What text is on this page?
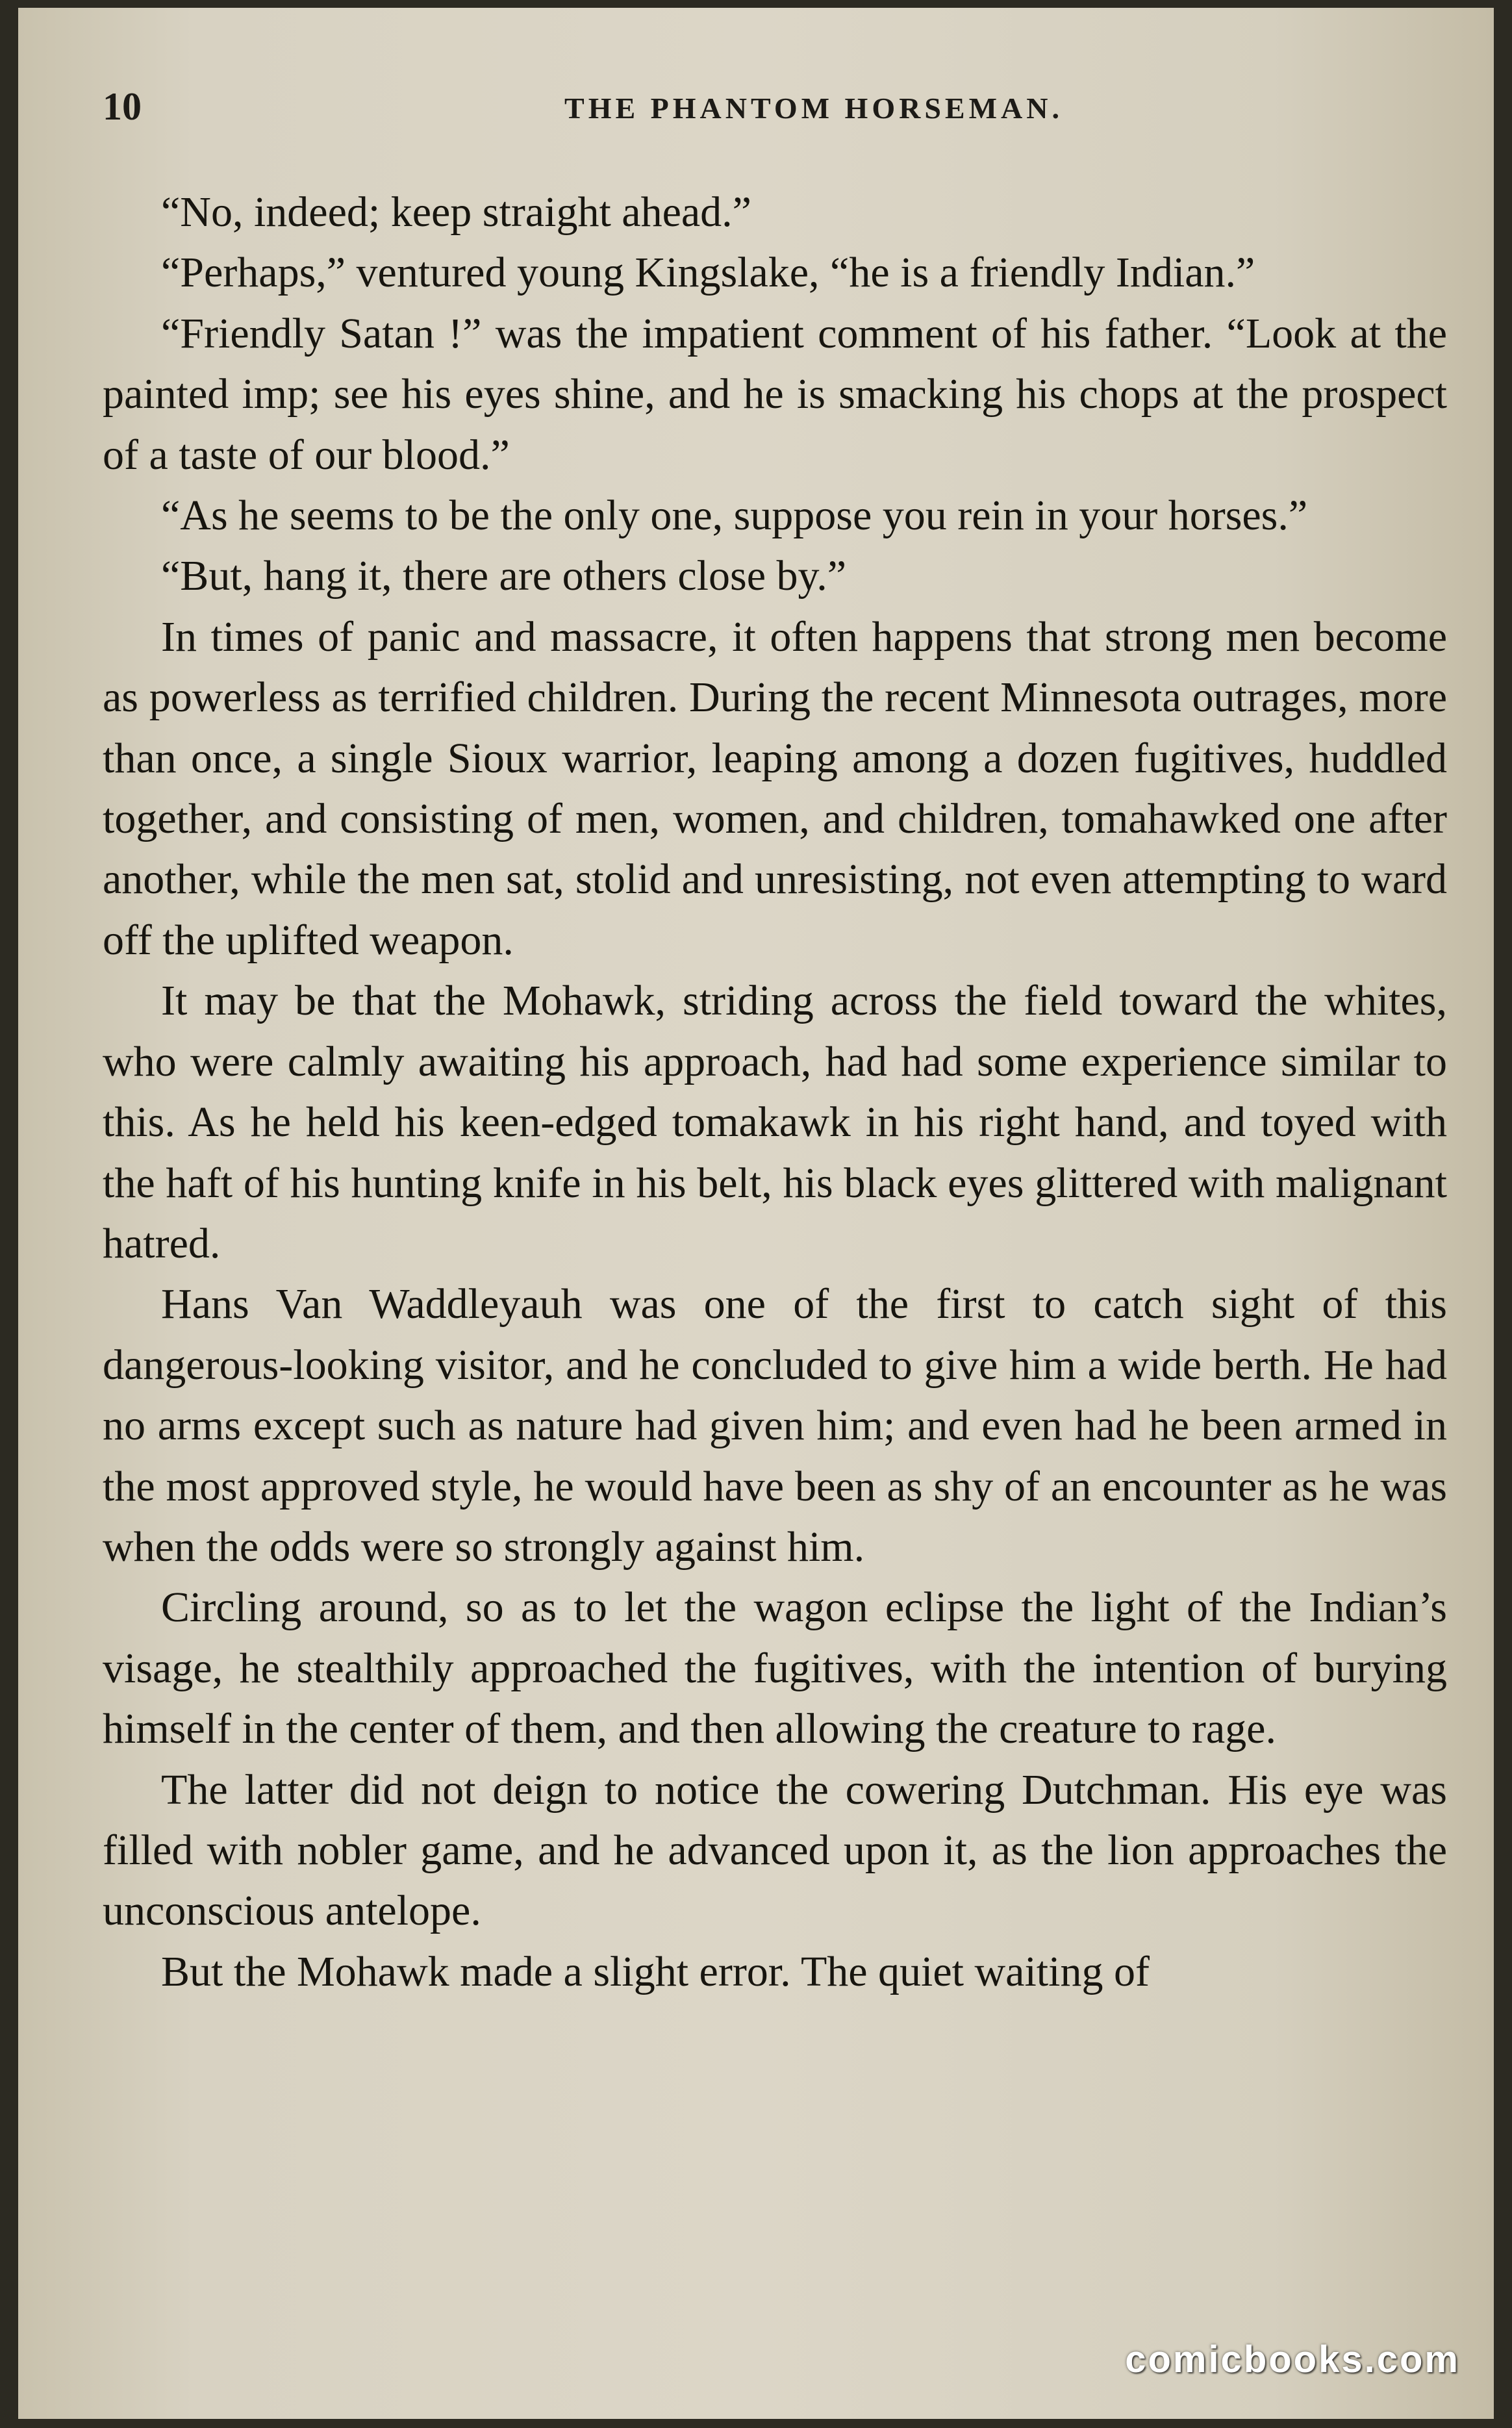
10	THE PHANTOM HORSEMAN.

“No, indeed; keep straight ahead.”

“Perhaps,” ventured young Kingslake, “he is a friendly Indian.”

“Friendly Satan !” was the impatient comment of his father. “Look at the painted imp; see his eyes shine, and he is smacking his chops at the prospect of a taste of our blood.”

“As he seems to be the only one, suppose you rein in your horses.”

“But, hang it, there are others close by.”

In times of panic and massacre, it often happens that strong men become as powerless as terrified children. During the recent Minnesota outrages, more than once, a single Sioux warrior, leaping among a dozen fugitives, huddled together, and consisting of men, women, and children, tomahawked one after another, while the men sat, stolid and unresisting, not even attempting to ward off the uplifted weapon.

It may be that the Mohawk, striding across the field toward the whites, who were calmly awaiting his approach, had had some experience similar to this. As he held his keen-edged tomakawk in his right hand, and toyed with the haft of his hunting knife in his belt, his black eyes glittered with malignant hatred.

Hans Van Waddleyauh was one of the first to catch sight of this dangerous-looking visitor, and he concluded to give him a wide berth. He had no arms except such as nature had given him; and even had he been armed in the most approved style, he would have been as shy of an encounter as he was when the odds were so strongly against him.

Circling around, so as to let the wagon eclipse the light of the Indian’s visage, he stealthily approached the fugitives, with the intention of burying himself in the center of them, and then allowing the creature to rage.

The latter did not deign to notice the cowering Dutchman. His eye was filled with nobler game, and he advanced upon it, as the lion approaches the unconscious antelope.

But the Mohawk made a slight error. The quiet waiting of

comicbooks.com
